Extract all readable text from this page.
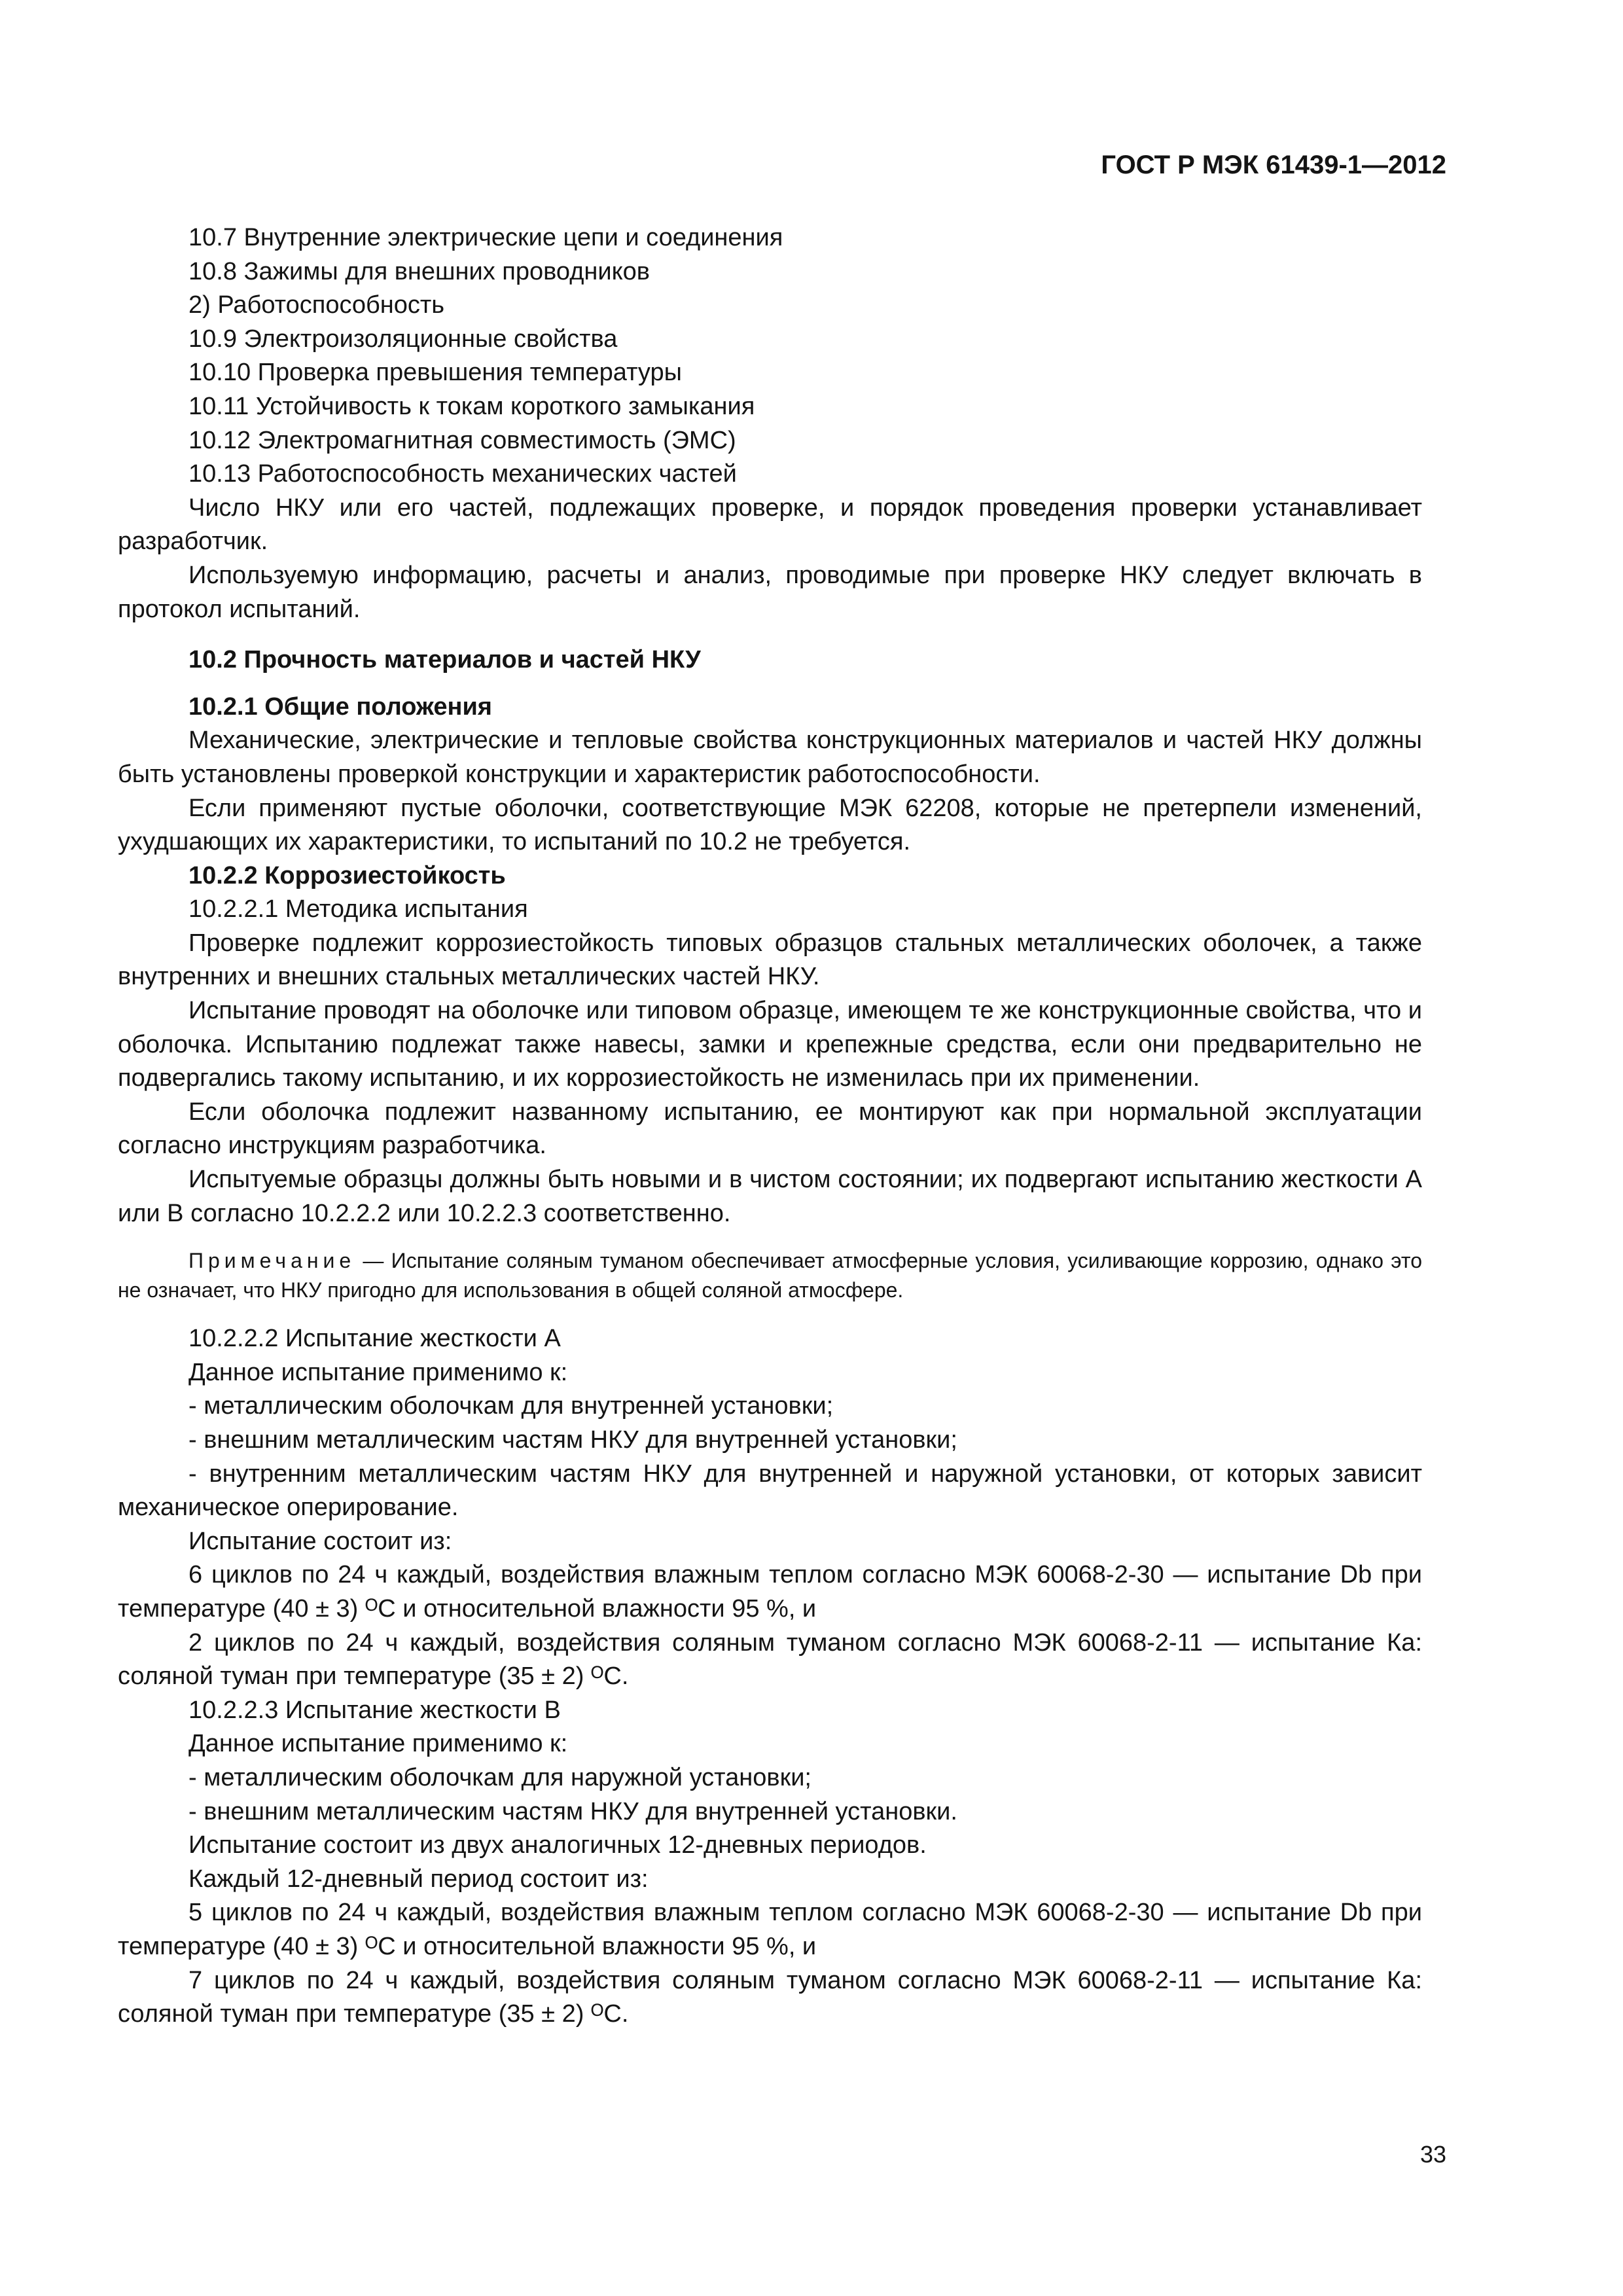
ГОСТ Р МЭК 61439-1—2012

10.7 Внутренние электрические цепи и соединения

10.8 Зажимы для внешних проводников

2) Работоспособность

10.9 Электроизоляционные свойства

10.10 Проверка превышения температуры

10.11 Устойчивость к токам короткого замыкания

10.12 Электромагнитная совместимость (ЭМС)

10.13 Работоспособность механических частей

Число НКУ или его частей, подлежащих проверке, и порядок проведения проверки устанавливает разработчик.

Используемую информацию, расчеты и анализ, проводимые при проверке НКУ следует включать в протокол испытаний.

10.2 Прочность материалов и частей НКУ

10.2.1 Общие положения

Механические, электрические и тепловые свойства конструкционных материалов и частей НКУ должны быть установлены проверкой конструкции и характеристик работоспособности.

Если применяют пустые оболочки, соответствующие МЭК 62208, которые не претерпели изменений, ухудшающих их характеристики, то испытаний по 10.2 не требуется.

10.2.2 Коррозиестойкость

10.2.2.1 Методика испытания

Проверке подлежит коррозиестойкость типовых образцов стальных металлических оболочек, а также внутренних и внешних стальных металлических частей НКУ.

Испытание проводят на оболочке или типовом образце, имеющем те же конструкционные свойства, что и оболочка. Испытанию подлежат также навесы, замки и крепежные средства, если они предварительно не подвергались такому испытанию, и их коррозиестойкость не изменилась при их применении.

Если оболочка подлежит названному испытанию, ее монтируют как при нормальной эксплуатации согласно инструкциям разработчика.

Испытуемые образцы должны быть новыми и в чистом состоянии; их подвергают испытанию жесткости А или В согласно 10.2.2.2 или 10.2.2.3 соответственно.

Примечание — Испытание соляным туманом обеспечивает атмосферные условия, усиливающие коррозию, однако это не означает, что НКУ пригодно для использования в общей соляной атмосфере.

10.2.2.2 Испытание жесткости А

Данное испытание применимо к:

- металлическим оболочкам для внутренней установки;

- внешним металлическим частям НКУ для внутренней установки;

- внутренним металлическим частям НКУ для внутренней и наружной установки, от которых зависит механическое оперирование.

Испытание состоит из:

6 циклов по 24 ч каждый, воздействия влажным теплом согласно МЭК 60068-2-30 — испытание Db при температуре (40 ± 3) ᴼС и относительной влажности 95 %, и

2 циклов по 24 ч каждый, воздействия соляным туманом согласно МЭК 60068-2-11 — испытание Ка: соляной туман при температуре (35 ± 2) ᴼС.

10.2.2.3 Испытание жесткости В

Данное испытание применимо к:

- металлическим оболочкам для наружной установки;

- внешним металлическим частям НКУ для внутренней установки.

Испытание состоит из двух аналогичных 12-дневных периодов.

Каждый 12-дневный период состоит из:

5 циклов по 24 ч каждый, воздействия влажным теплом согласно МЭК 60068-2-30 — испытание Db при температуре (40 ± 3) ᴼС и относительной влажности 95 %, и

7 циклов по 24 ч каждый, воздействия соляным туманом согласно МЭК 60068-2-11 — испытание Ка: соляной туман при температуре (35 ± 2) ᴼС.

33
